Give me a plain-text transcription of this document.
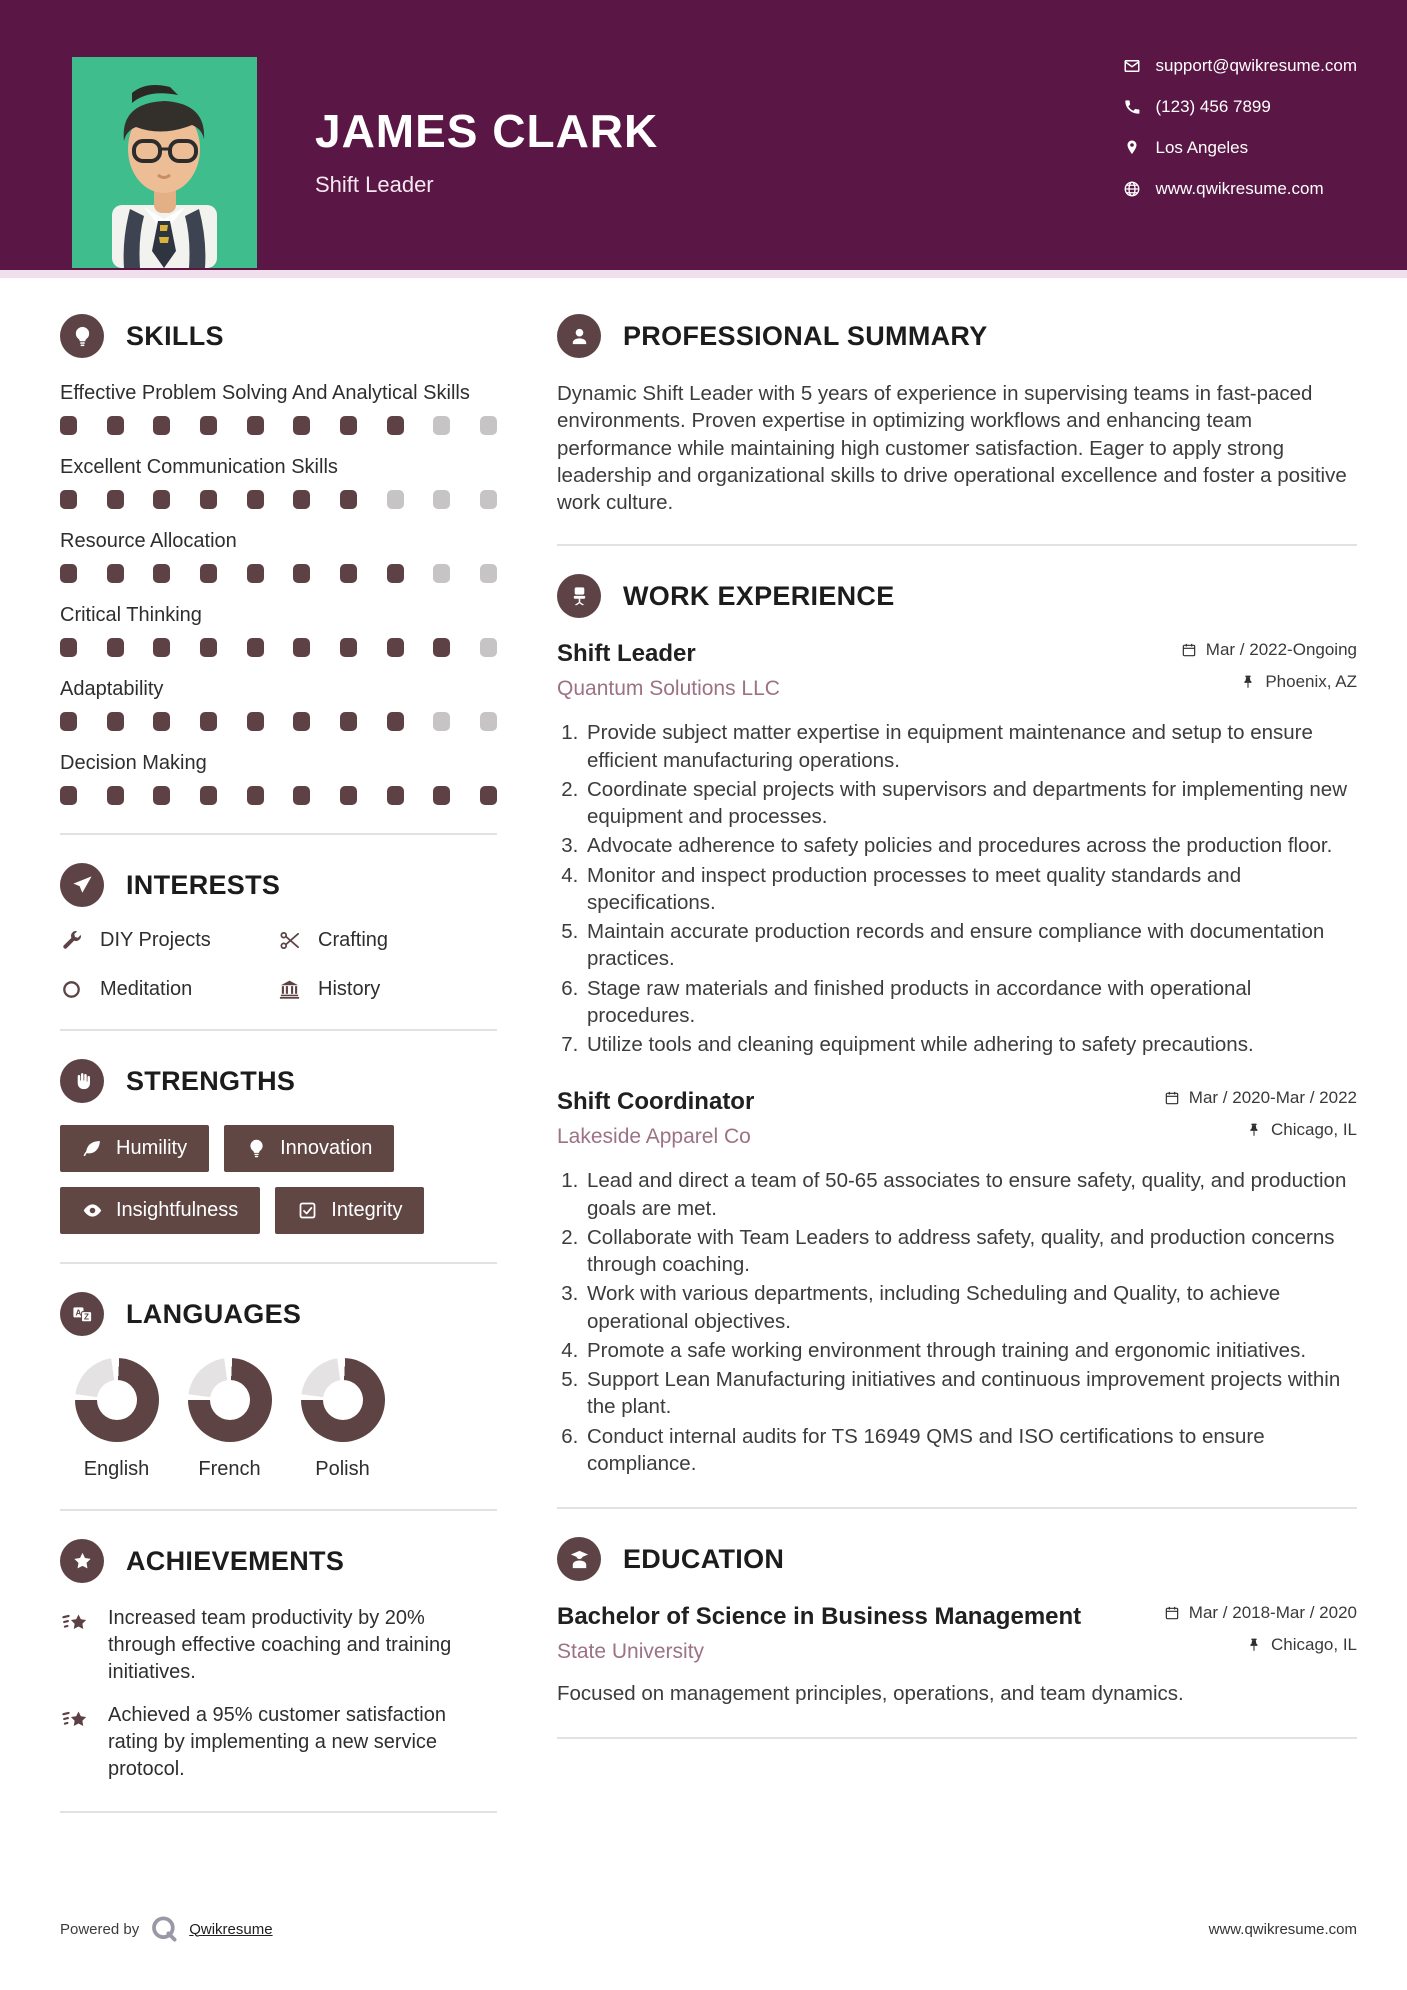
JAMES CLARK
Shift Leader
support@qwikresume.com
(123) 456 7899
Los Angeles
www.qwikresume.com
SKILLS
Effective Problem Solving And Analytical Skills
Excellent Communication Skills
Resource Allocation
Critical Thinking
Adaptability
Decision Making
INTERESTS
DIY Projects	Crafting
Meditation	History
STRENGTHS
Humility	Innovation
Insightfulness	Integrity
A Z LANGUAGES
English French	Polish
ACHIEVEMENTS
Increased team productivity by 20% through effective coaching and training initiatives.
Achieved a 95% customer satisfaction rating by implementing a new service protocol.
PROFESSIONAL SUMMARY

Dynamic Shift Leader with 5 years of experience in supervising teams in fast-paced environments. Proven expertise in optimizing workflows and enhancing team performance while maintaining high customer satisfaction. Eager to apply strong leadership and organizational skills to drive operational excellence and foster a positive work culture.

WORK EXPERIENCE
Shift Leader
Quantum Solutions LLC
Mar / 2022-Ongoing
Phoenix, AZ
1. Provide subject matter expertise in equipment maintenance and setup to ensure efficient manufacturing operations.
2. Coordinate special projects with supervisors and departments for implementing new equipment and processes.
3. Advocate adherence to safety policies and procedures across the production floor.
4. Monitor and inspect production processes to meet quality standards and specifications.
5. Maintain accurate production records and ensure compliance with documentation practices.
6. Stage raw materials and finished products in accordance with operational procedures.
7. Utilize tools and cleaning equipment while adhering to safety precautions.
Shift Coordinator
Lakeside Apparel Co
Mar / 2020-Mar / 2022
Chicago, IL
1. Lead and direct a team of 50-65 associates to ensure safety, quality, and production goals are met.
2. Collaborate with Team Leaders to address safety, quality, and production concerns through coaching.
3. Work with various departments, including Scheduling and Quality, to achieve operational objectives.
4. Promote a safe working environment through training and ergonomic initiatives.
5. Support Lean Manufacturing initiatives and continuous improvement projects within the plant.
6. Conduct internal audits for TS 16949 QMS and ISO certifications to ensure compliance.
EDUCATION
Bachelor of Science in Business Management
State University
Mar / 2018-Mar / 2020
Chicago, IL

Focused on management principles, operations, and team dynamics.

Powered by	Qwikresume	www.qwikresume.com
